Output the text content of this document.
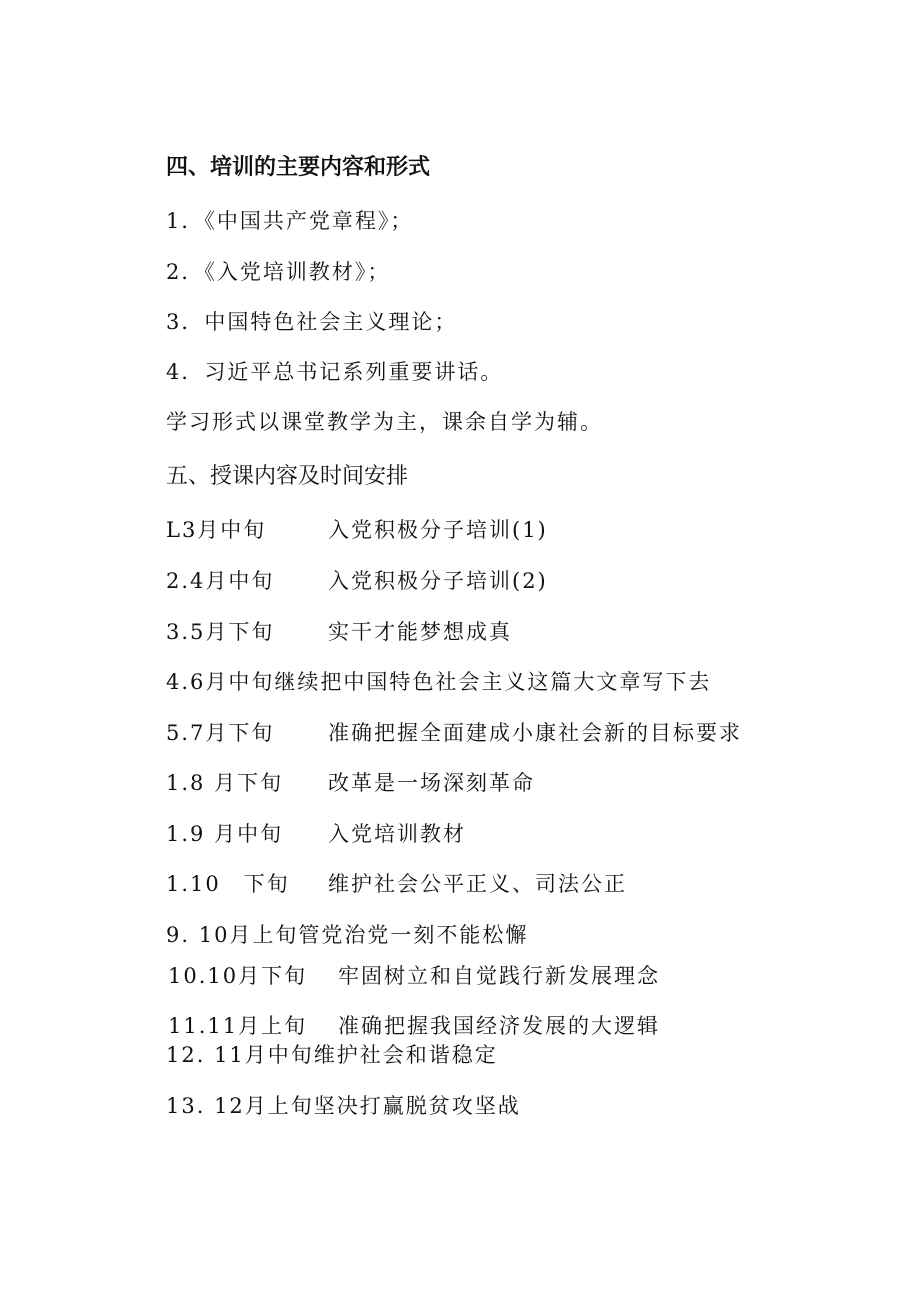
四、培训的主要内容和形式
1．《中国共产党章程》；
2．《入党培训教材》；
3．中国特色社会主义理论；
4．习近平总书记系列重要讲话。
学习形式以课堂教学为主，课余自学为辅。
五、授课内容及时间安排
L3月中旬	入党积极分子培训(1)
2.4月中旬	入党积极分子培训(2)
3.5月下旬	实干才能梦想成真
4.6月中旬继续把中国特色社会主义这篇大文章写下去
5.7月下旬	准确把握全面建成小康社会新的目标要求
1.8 月下旬 改革是一场深刻革命
1.9 月中旬 入党培训教材
1.10　下旬 维护社会公平正义、司法公正
9. 10月上旬管党治党一刻不能松懈
10.10月下旬 牢固树立和自觉践行新发展理念
11.11月上旬 准确把握我国经济发展的大逻辑
12. 11月中旬维护社会和谐稳定
13. 12月上旬坚决打赢脱贫攻坚战
